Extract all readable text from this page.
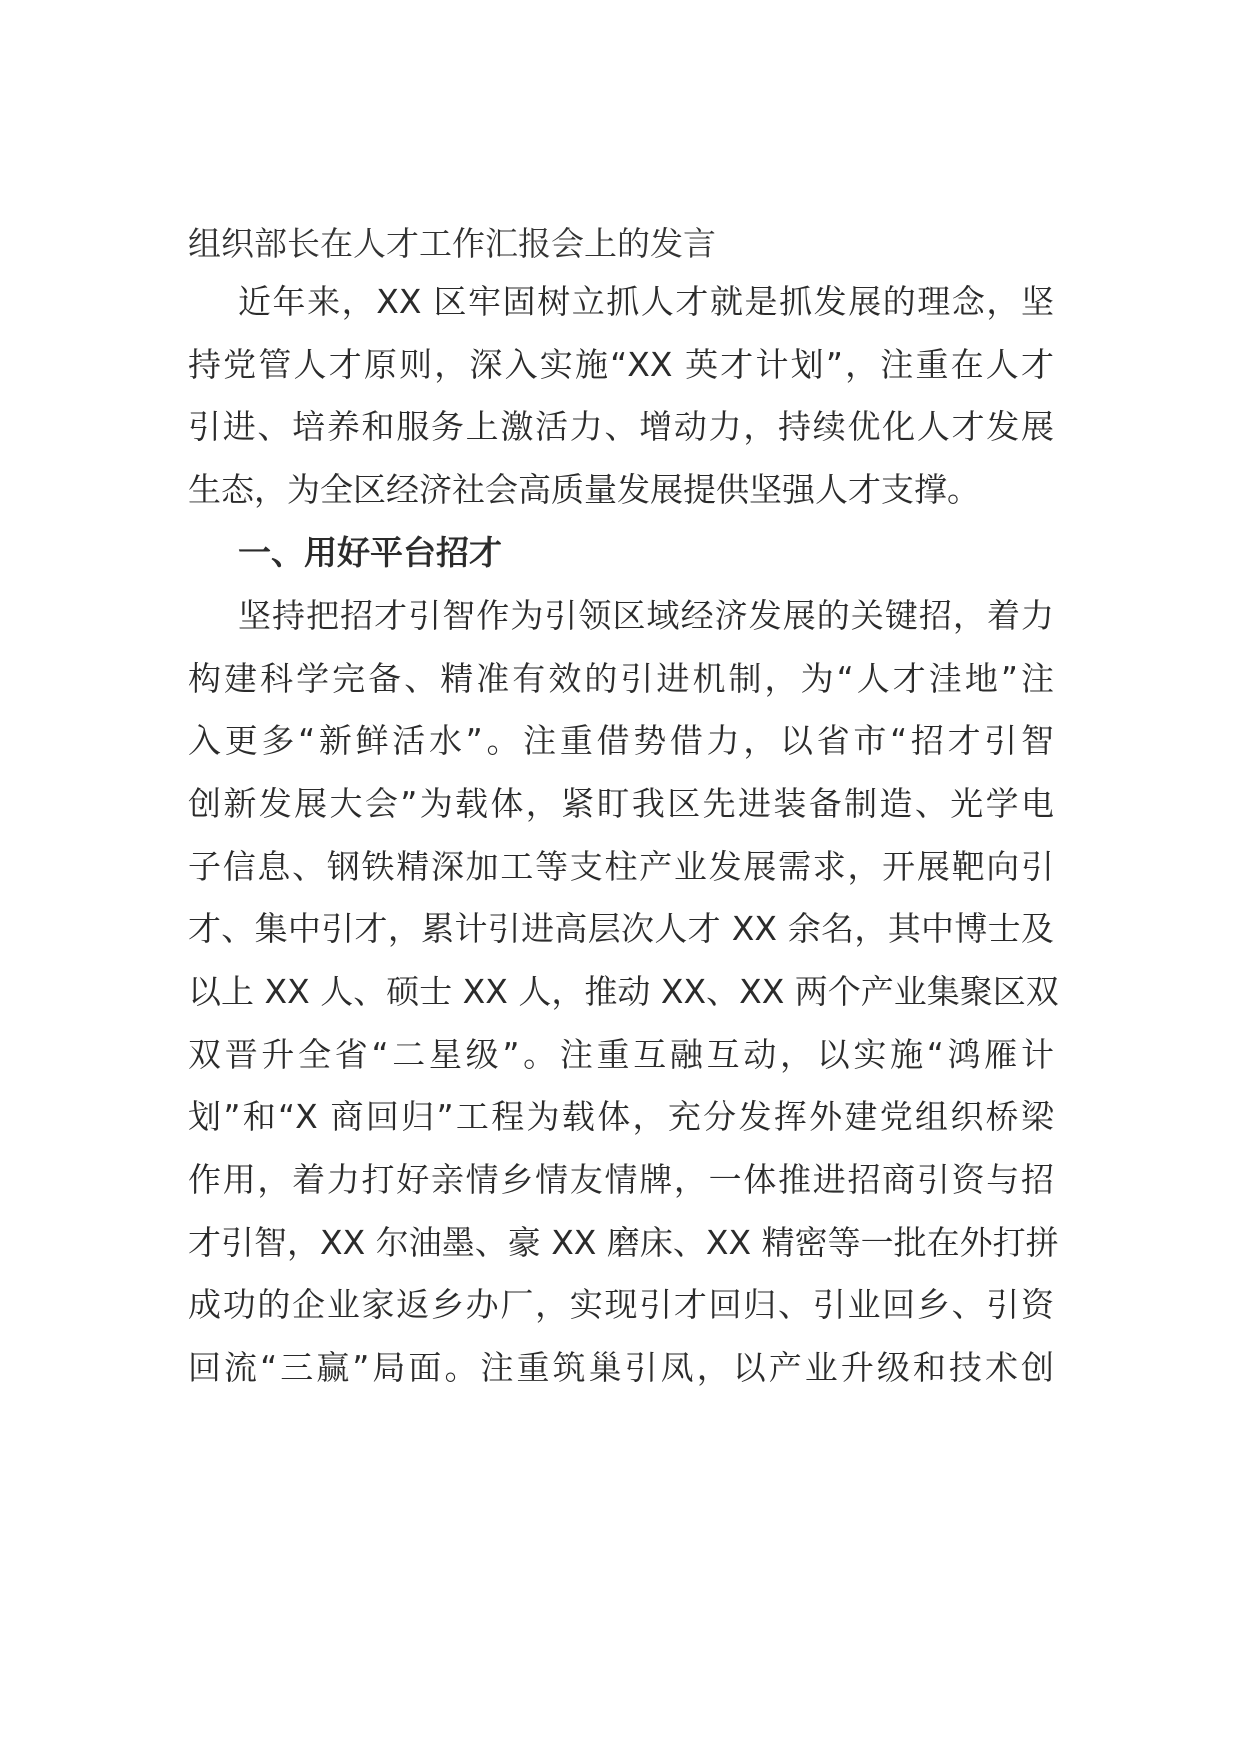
组织部长在人才工作汇报会上的发言

近年来，XX 区牢固树立抓人才就是抓发展的理念，坚

持党管人才原则，深入实施“XX 英才计划”，注重在人才

引进、培养和服务上激活力、增动力，持续优化人才发展

生态，为全区经济社会高质量发展提供坚强人才支撑。

一、用好平台招才

坚持把招才引智作为引领区域经济发展的关键招，着力

构建科学完备、精准有效的引进机制，为“人才洼地”注

入更多“新鲜活水”。注重借势借力，以省市“招才引智

创新发展大会”为载体，紧盯我区先进装备制造、光学电

子信息、钢铁精深加工等支柱产业发展需求，开展靶向引

才、集中引才，累计引进高层次人才 XX 余名，其中博士及

以上 XX 人、硕士 XX 人，推动 XX、XX 两个产业集聚区双

双晋升全省“二星级”。注重互融互动，以实施“鸿雁计

划”和“X 商回归”工程为载体，充分发挥外建党组织桥梁

作用，着力打好亲情乡情友情牌，一体推进招商引资与招

才引智，XX 尔油墨、豪 XX 磨床、XX 精密等一批在外打拼

成功的企业家返乡办厂，实现引才回归、引业回乡、引资

回流“三赢”局面。注重筑巢引凤，以产业升级和技术创
